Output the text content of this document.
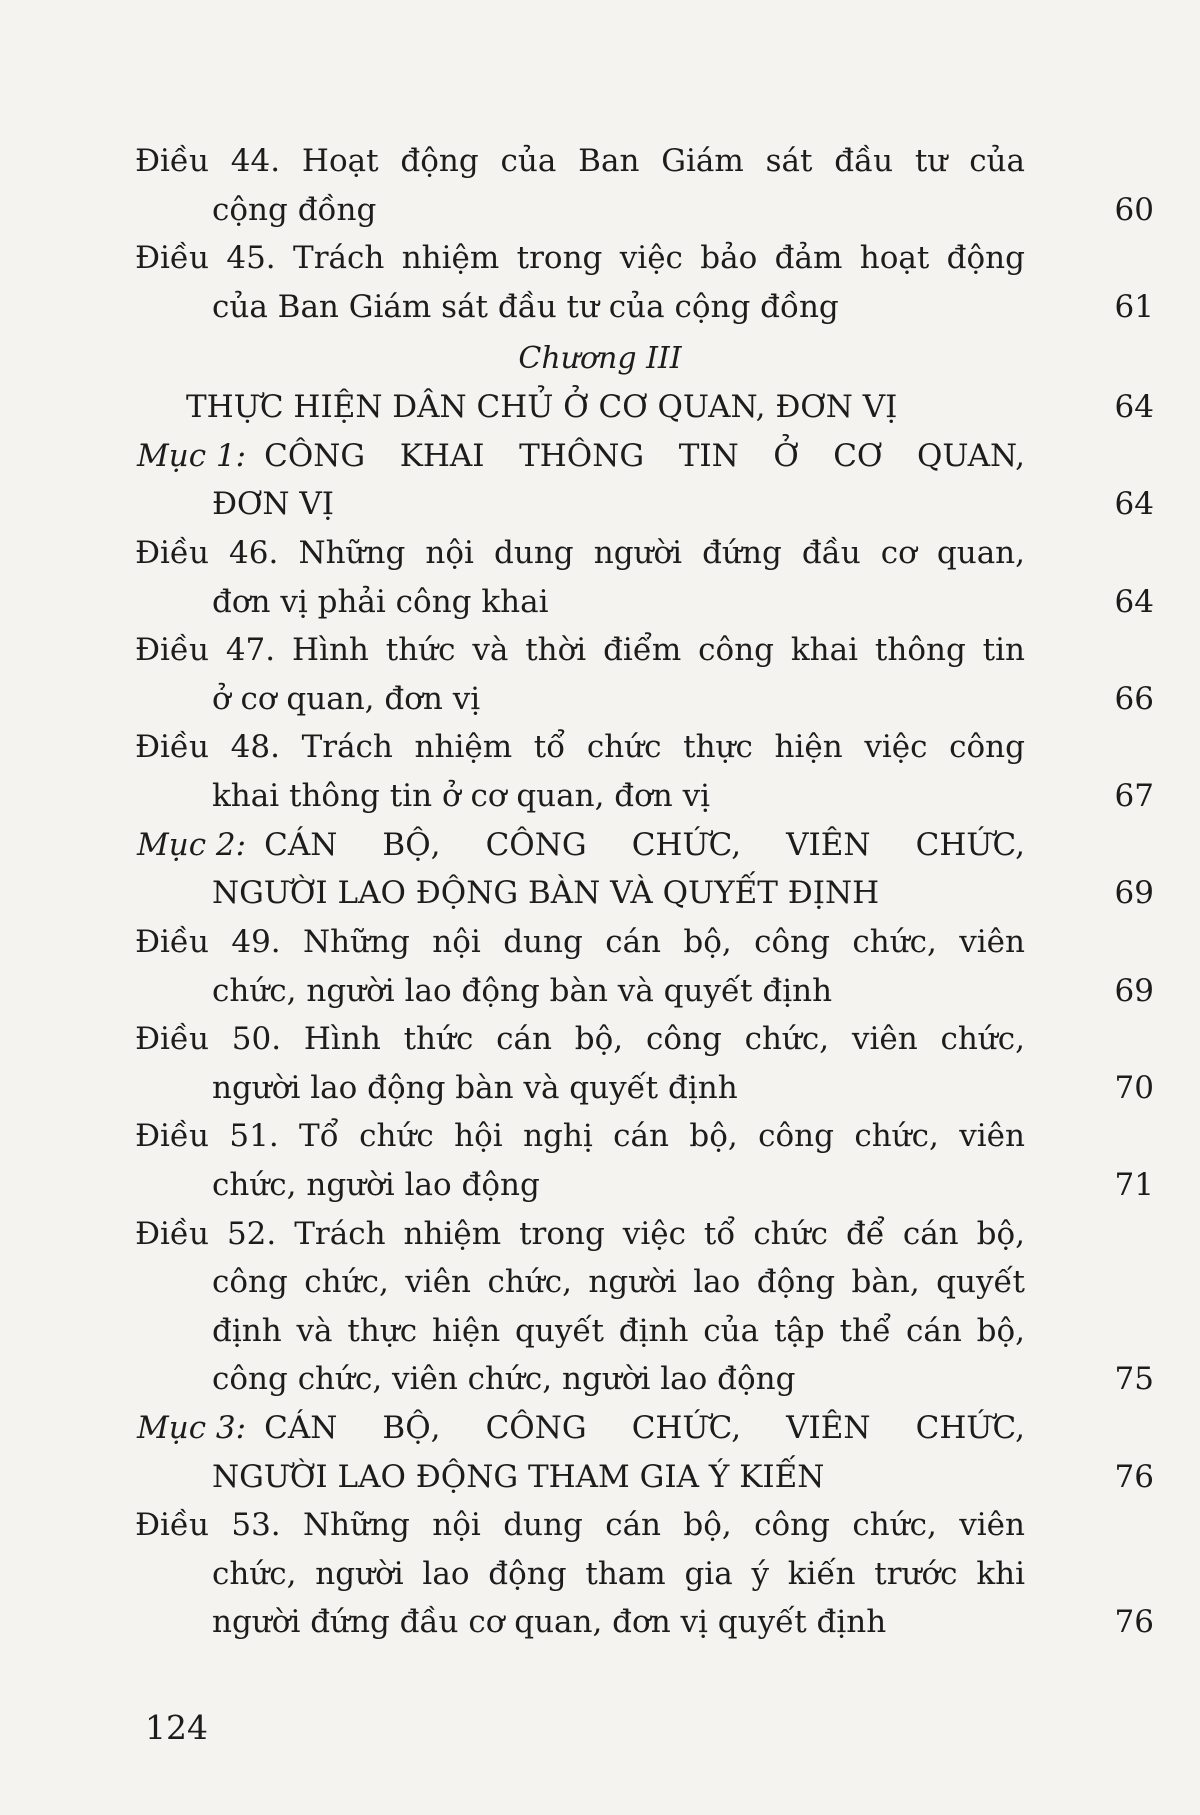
Điều 44. Hoạt động của Ban Giám sát đầu tư của
cộng đồng	60
Điều 45. Trách nhiệm trong việc bảo đảm hoạt động
của Ban Giám sát đầu tư của cộng đồng	61
Chương III
THỰC HIỆN DÂN CHỦ Ở CƠ QUAN, ĐƠN VỊ	64
Mục 1: CÔNG KHAI THÔNG TIN Ở CƠ QUAN,
ĐƠN VỊ	64
Điều 46. Những nội dung người đứng đầu cơ quan,
đơn vị phải công khai	64
Điều 47. Hình thức và thời điểm công khai thông tin
ở cơ quan, đơn vị	66
Điều 48. Trách nhiệm tổ chức thực hiện việc công
khai thông tin ở cơ quan, đơn vị	67
Mục 2: CÁN BỘ, CÔNG CHỨC, VIÊN CHỨC,
NGƯỜI LAO ĐỘNG BÀN VÀ QUYẾT ĐỊNH	69
Điều 49. Những nội dung cán bộ, công chức, viên
chức, người lao động bàn và quyết định	69
Điều 50. Hình thức cán bộ, công chức, viên chức,
người lao động bàn và quyết định	70
Điều 51. Tổ chức hội nghị cán bộ, công chức, viên
chức, người lao động	71
Điều 52. Trách nhiệm trong việc tổ chức để cán bộ,
công chức, viên chức, người lao động bàn, quyết
định và thực hiện quyết định của tập thể cán bộ,
công chức, viên chức, người lao động	75
Mục 3: CÁN BỘ, CÔNG CHỨC, VIÊN CHỨC,
NGƯỜI LAO ĐỘNG THAM GIA Ý KIẾN	76
Điều 53. Những nội dung cán bộ, công chức, viên
chức, người lao động tham gia ý kiến trước khi
người đứng đầu cơ quan, đơn vị quyết định	76
124
